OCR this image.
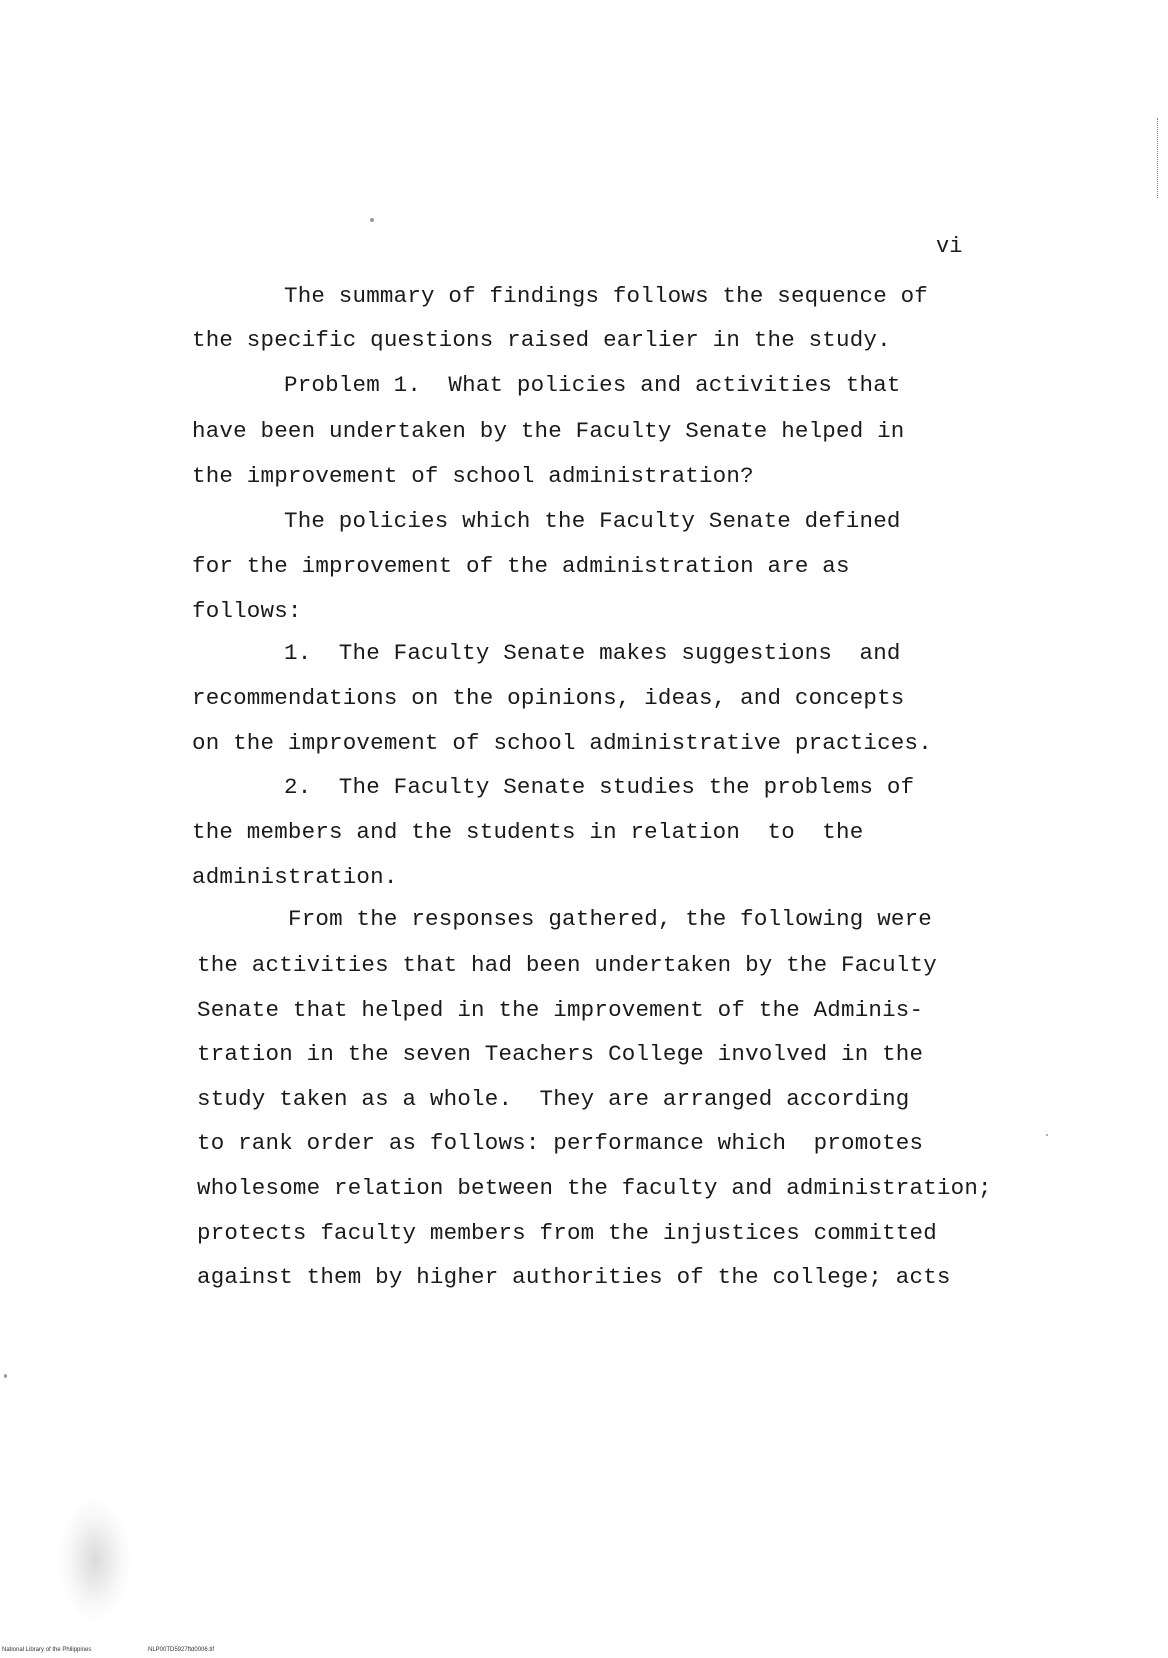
vi
The summary of findings follows the sequence of
the specific questions raised earlier in the study.
Problem 1.  What policies and activities that
have been undertaken by the Faculty Senate helped in
the improvement of school administration?
The policies which the Faculty Senate defined
for the improvement of the administration are as
follows:
1.  The Faculty Senate makes suggestions  and
recommendations on the opinions, ideas, and concepts
on the improvement of school administrative practices.
2.  The Faculty Senate studies the problems of
the members and the students in relation  to  the
administration.
From the responses gathered, the following were
the activities that had been undertaken by the Faculty
Senate that helped in the improvement of the Adminis-
tration in the seven Teachers College involved in the
study taken as a whole.  They are arranged according
to rank order as follows: performance which  promotes
wholesome relation between the faculty and administration;
protects faculty members from the injustices committed
against them by higher authorities of the college; acts
National Library of the Philippines	NLP00TD5927ftd0006.tif
